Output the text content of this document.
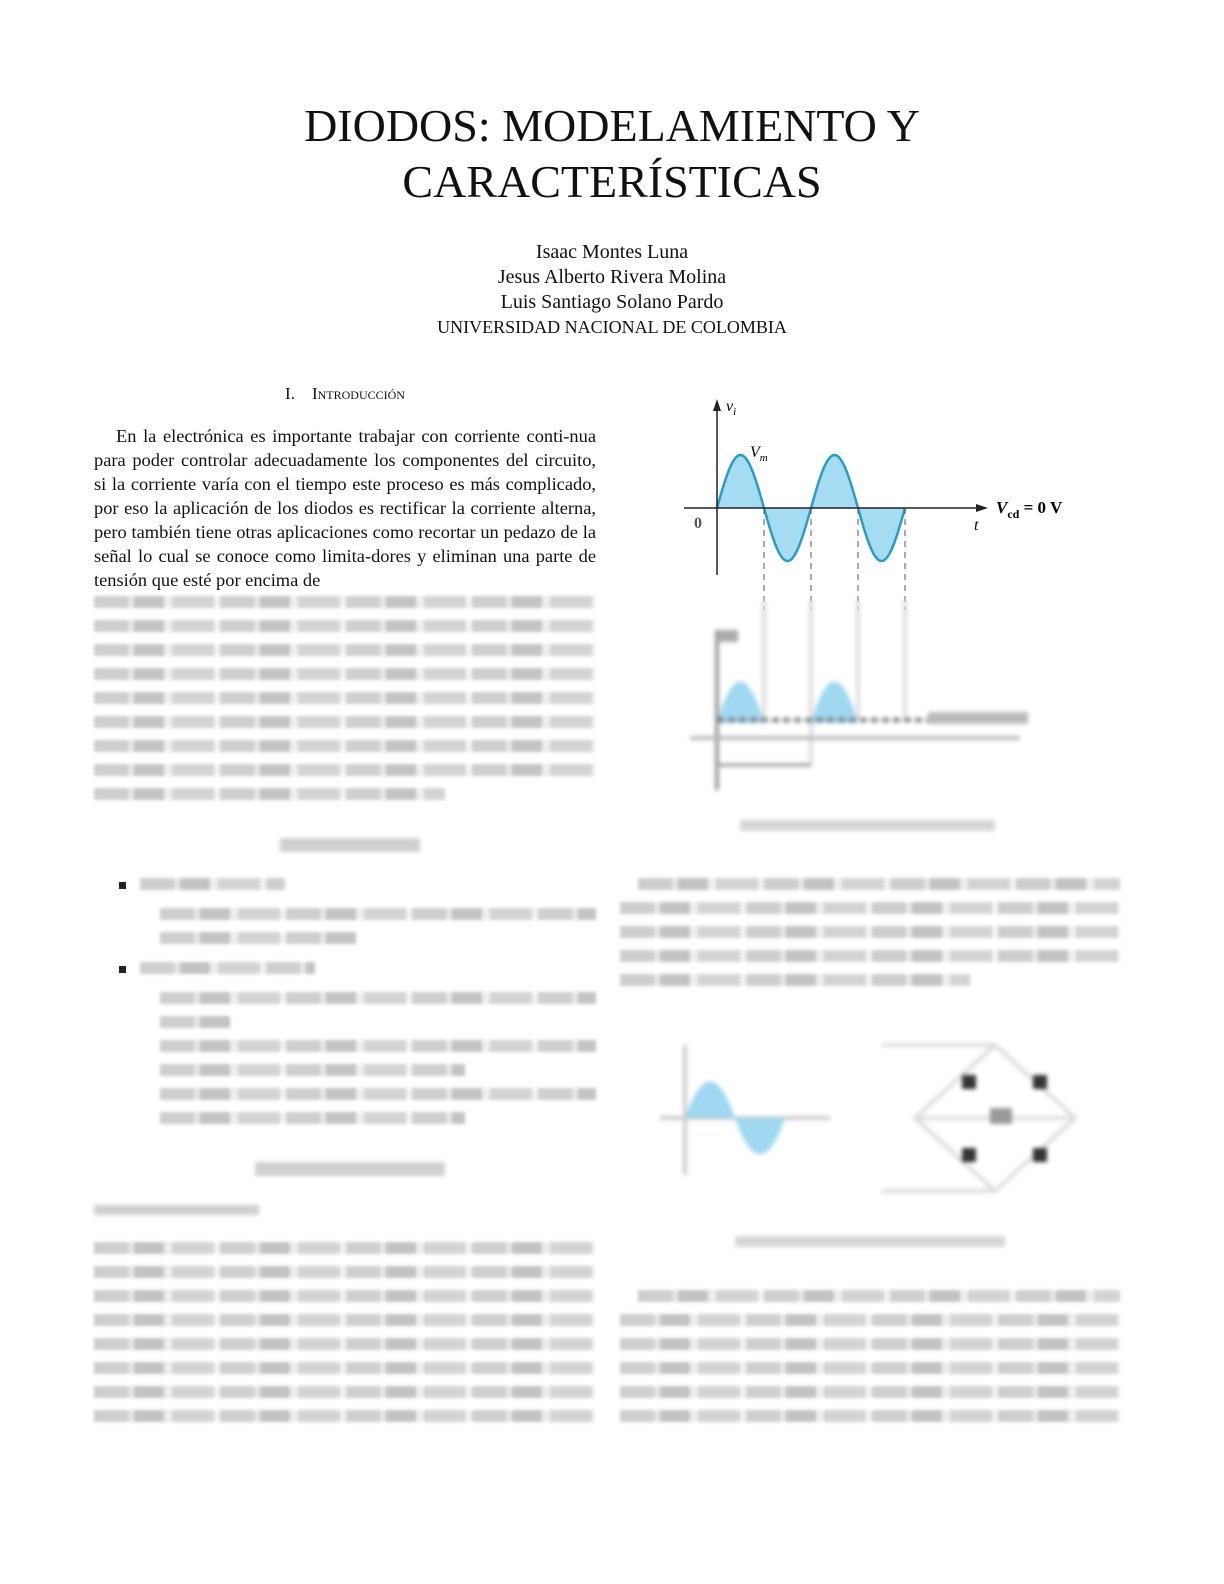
DIODOS: MODELAMIENTO Y
CARACTERÍSTICAS
Isaac Montes Luna
Jesus Alberto Rivera Molina
Luis Santiago Solano Pardo
UNIVERSIDAD NACIONAL DE COLOMBIA
I. Introducción

En la electrónica es importante trabajar con corriente conti-nua para poder controlar adecuadamente los componentes del circuito, si la corriente varía con el tiempo este proceso es más complicado, por eso la aplicación de los diodos es rectificar la corriente alterna, pero también tiene otras aplicaciones como recortar un pedazo de la señal lo cual se conoce como limita-dores y eliminan una parte de tensión que esté por encima de

$v_i$
$V_m$
0	t
$V_{cd} = 0$ V
